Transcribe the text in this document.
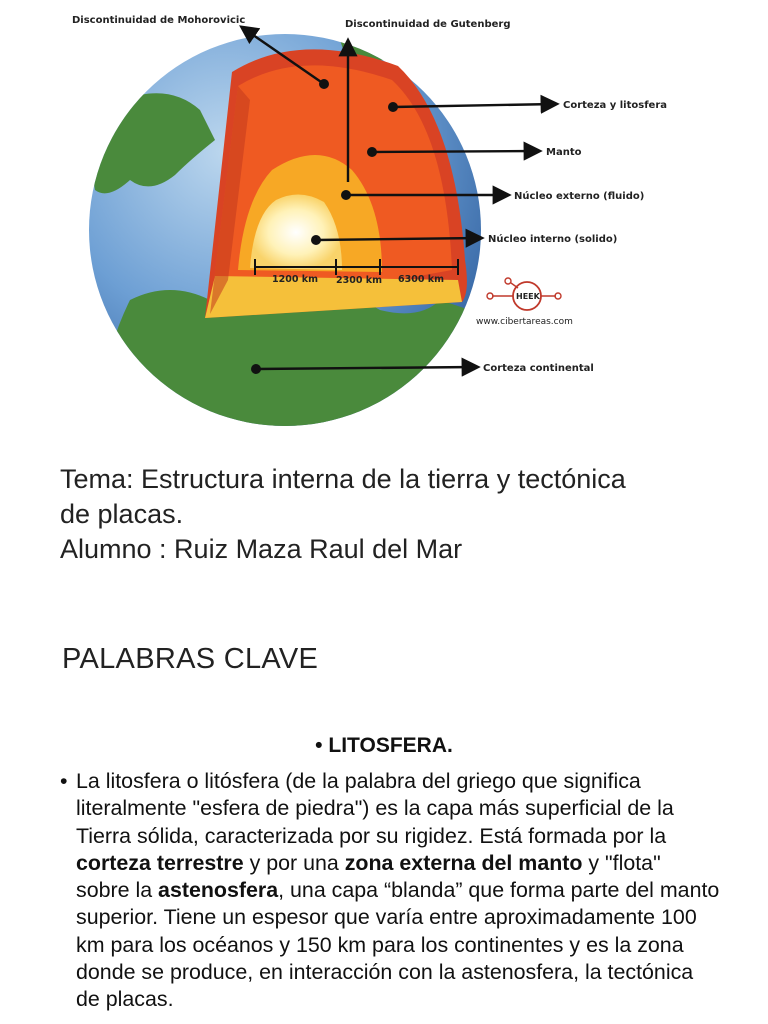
1200 km 2300 km 6300 km
Discontinuidad de Mohorovicic	Discontinuidad de Gutenberg
Corteza y litosfera
Manto
Núcleo externo (fluido)
Núcleo interno (solido)
Corteza continental
HEEK
www.cibertareas.com
Tema: Estructura interna de la tierra y tectónica
de placas.
Alumno : Ruiz Maza Raul del Mar
PALABRAS CLAVE
• LITOSFERA.
• La litosfera o litósfera (de la palabra del griego que significa literalmente "esfera de piedra") es la capa más superficial de la Tierra sólida, caracterizada por su rigidez. Está formada por la corteza terrestre y por una zona externa del manto y "flota" sobre la astenosfera, una capa “blanda” que forma parte del manto superior. Tiene un espesor que varía entre aproximadamente 100 km para los océanos y 150 km para los continentes y es la zona donde se produce, en interacción con la astenosfera, la tectónica de placas.
